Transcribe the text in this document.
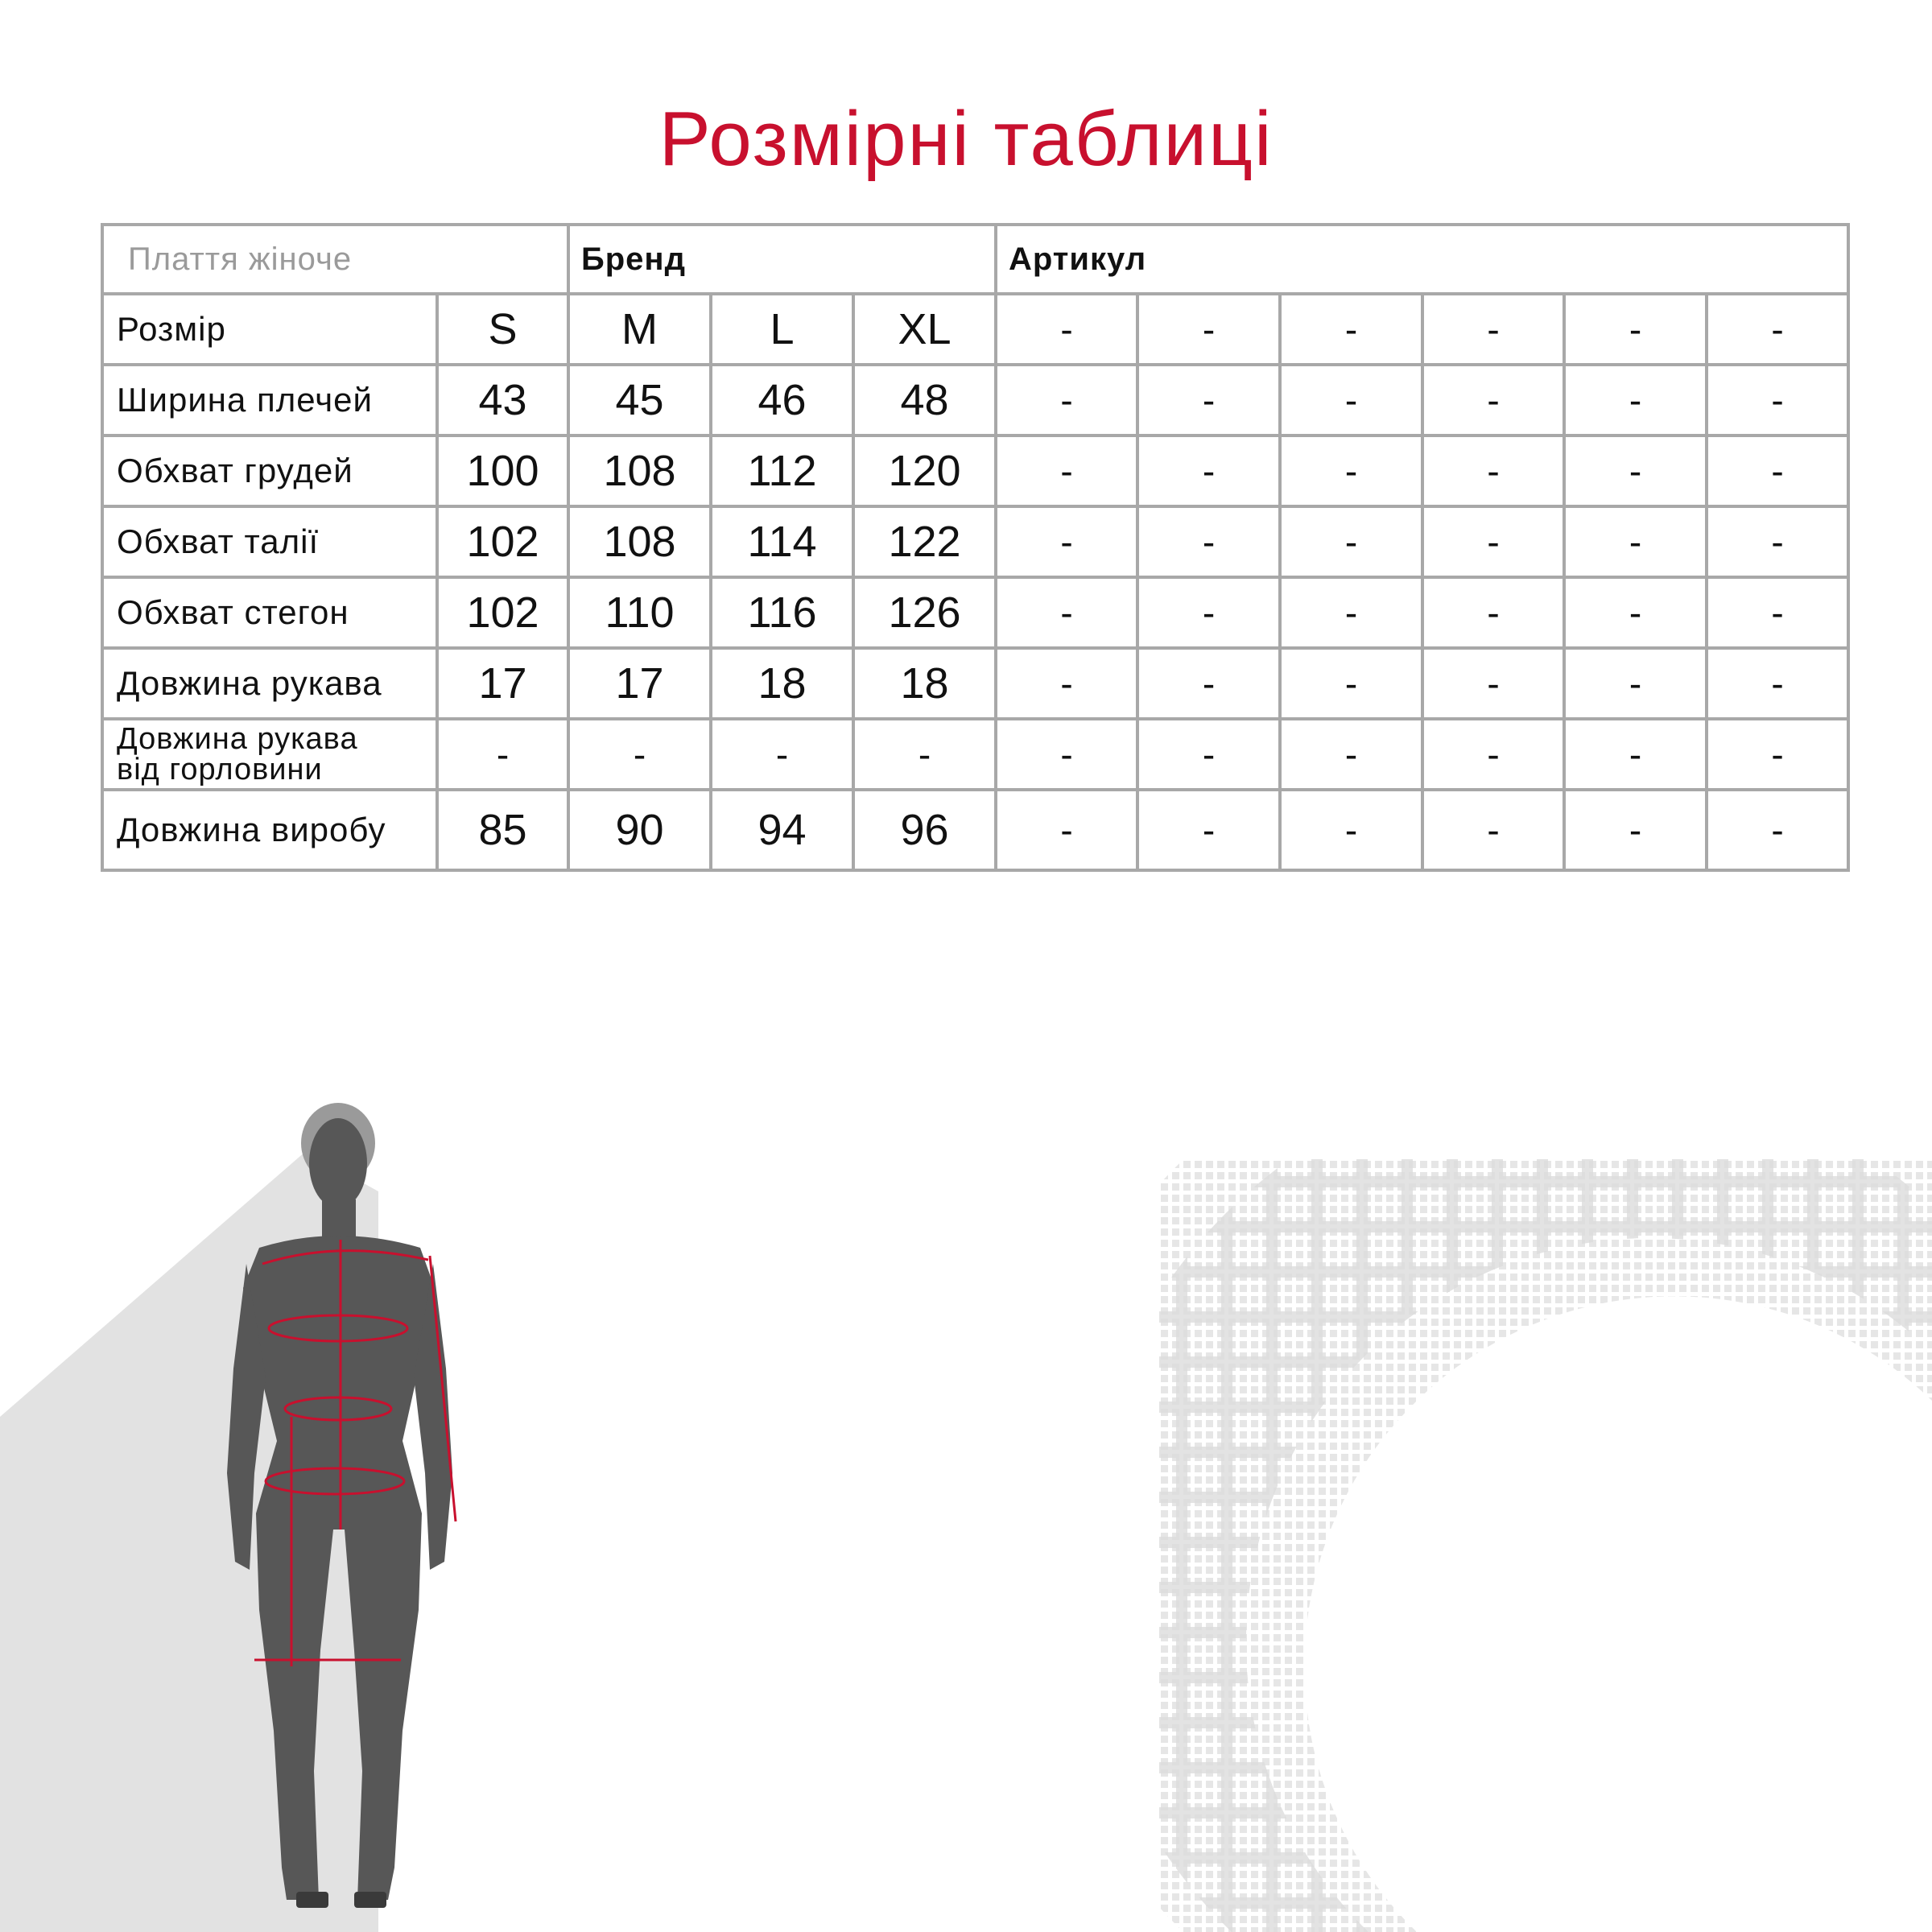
Розмірні таблиці
Плаття жіноче		Бренд			Артикул					
Розмір	S	M	L	XL	-	-	-	-	-	-
Ширина плечей	43	45	46	48	-	-	-	-	-	-
Обхват грудей	100	108	112	120	-	-	-	-	-	-
Обхват талії	102	108	114	122	-	-	-	-	-	-
Обхват стегон	102	110	116	126	-	-	-	-	-	-
Довжина рукава	17	17	18	18	-	-	-	-	-	-

Довжина рукава
від горловини	-	-	-	-	-	-	-	-	-	-
Довжина виробу	85	90	94	96	-	-	-	-	-	-
